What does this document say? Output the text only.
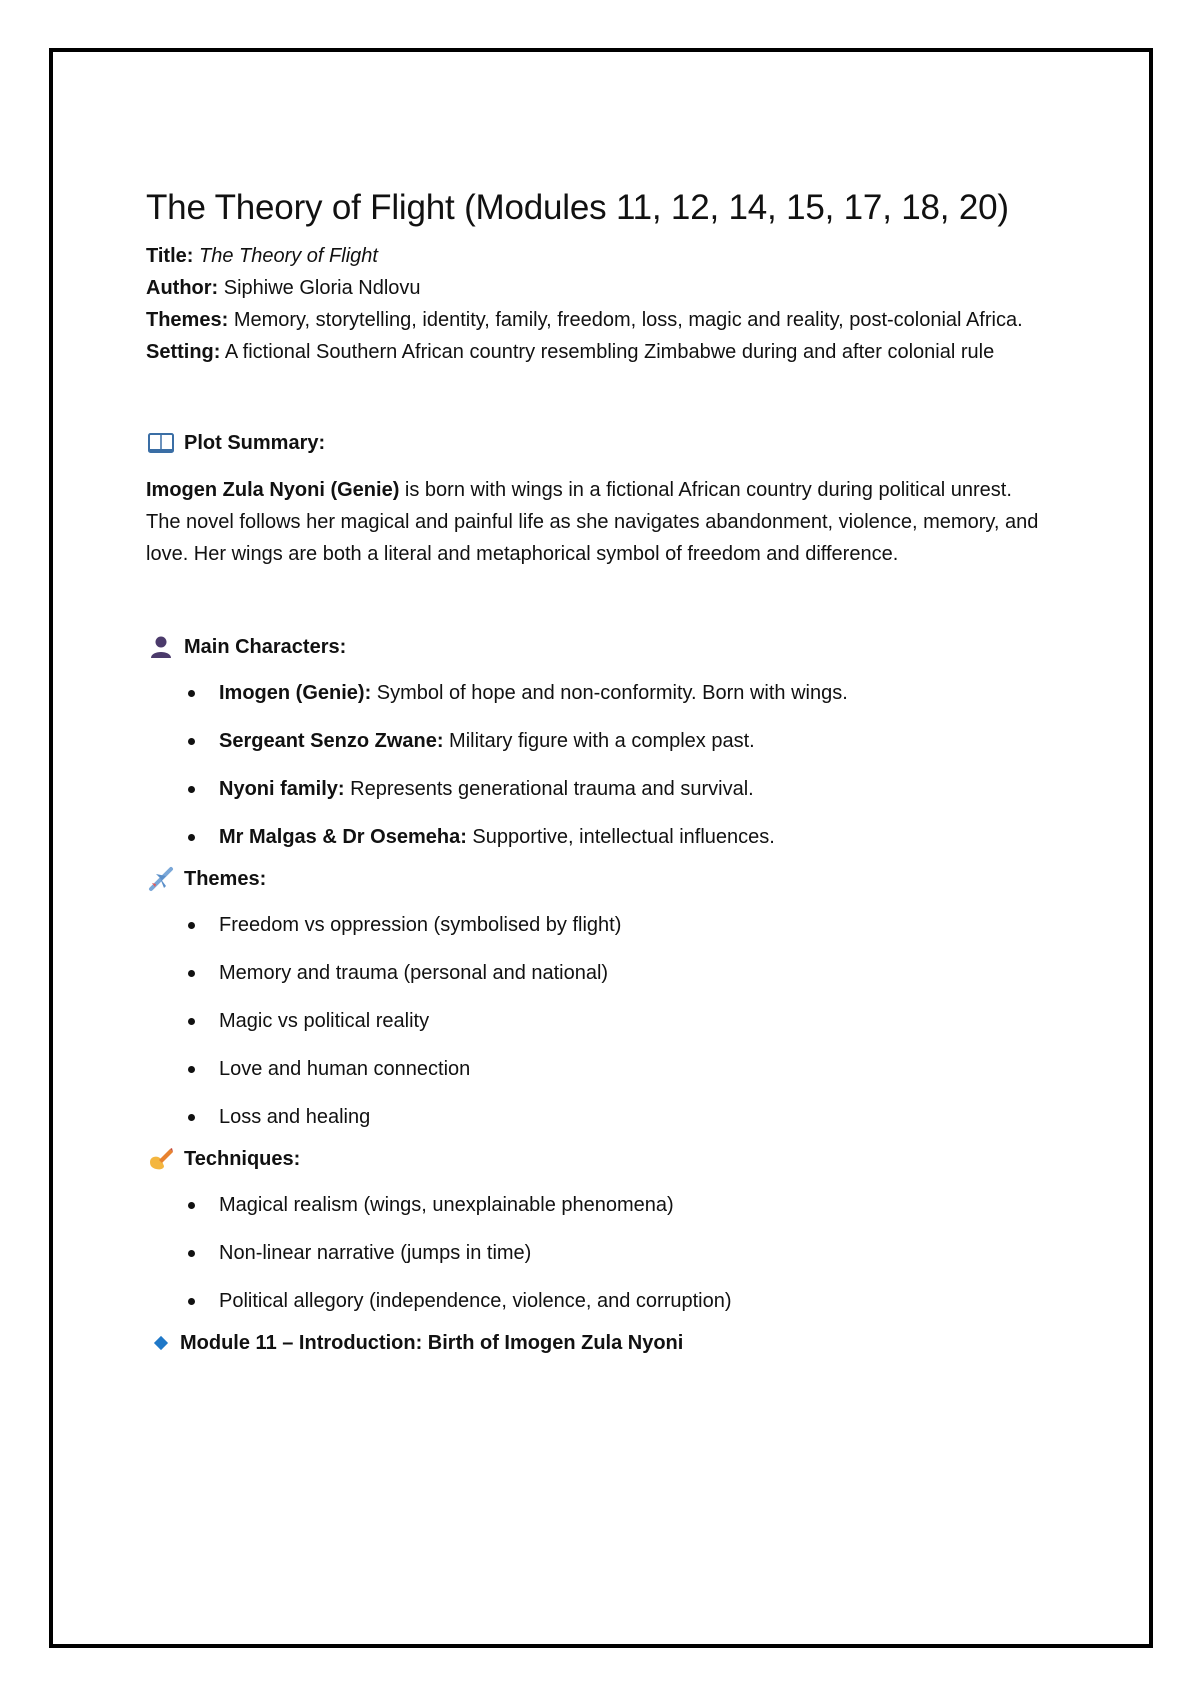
The Theory of Flight (Modules 11, 12, 14, 15, 17, 18, 20)

Title: The Theory of Flight

Author: Siphiwe Gloria Ndlovu

Themes: Memory, storytelling, identity, family, freedom, loss, magic and reality, post-colonial Africa.

Setting: A fictional Southern African country resembling Zimbabwe during and after colonial rule

Plot Summary:

Imogen Zula Nyoni (Genie) is born with wings in a fictional African country during political unrest. The novel follows her magical and painful life as she navigates abandonment, violence, memory, and love. Her wings are both a literal and metaphorical symbol of freedom and difference.

Main Characters:
Imogen (Genie): Symbol of hope and non-conformity. Born with wings.
Sergeant Senzo Zwane: Military figure with a complex past.
Nyoni family: Represents generational trauma and survival.
Mr Malgas & Dr Osemeha: Supportive, intellectual influences.
Themes:
Freedom vs oppression (symbolised by flight)
Memory and trauma (personal and national)
Magic vs political reality
Love and human connection
Loss and healing
Techniques:
Magical realism (wings, unexplainable phenomena)
Non-linear narrative (jumps in time)
Political allegory (independence, violence, and corruption)
Module 11 – Introduction: Birth of Imogen Zula Nyoni
